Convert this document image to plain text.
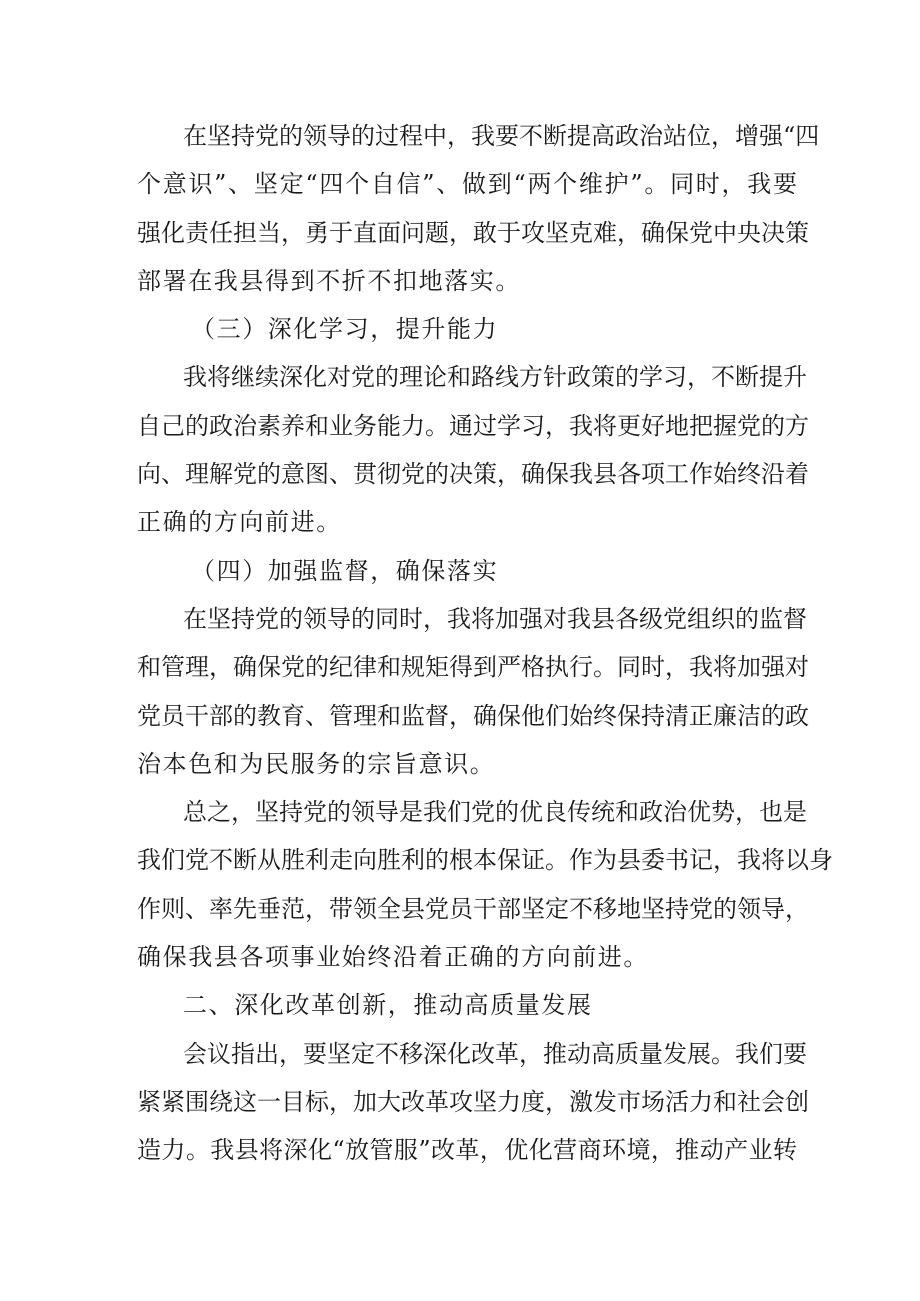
在坚持党的领导的过程中，我要不断提高政治站位，增强“四
个意识”、坚定“四个自信”、做到“两个维护”。同时，我要
强化责任担当，勇于直面问题，敢于攻坚克难，确保党中央决策
部署在我县得到不折不扣地落实。
（三）深化学习，提升能力
我将继续深化对党的理论和路线方针政策的学习，不断提升
自己的政治素养和业务能力。通过学习，我将更好地把握党的方
向、理解党的意图、贯彻党的决策，确保我县各项工作始终沿着
正确的方向前进。
（四）加强监督，确保落实
在坚持党的领导的同时，我将加强对我县各级党组织的监督
和管理，确保党的纪律和规矩得到严格执行。同时，我将加强对
党员干部的教育、管理和监督，确保他们始终保持清正廉洁的政
治本色和为民服务的宗旨意识。
总之，坚持党的领导是我们党的优良传统和政治优势，也是
我们党不断从胜利走向胜利的根本保证。作为县委书记，我将以身
作则、率先垂范，带领全县党员干部坚定不移地坚持党的领导，
确保我县各项事业始终沿着正确的方向前进。
二、深化改革创新，推动高质量发展
会议指出，要坚定不移深化改革，推动高质量发展。我们要
紧紧围绕这一目标，加大改革攻坚力度，激发市场活力和社会创
造力。我县将深化“放管服”改革，优化营商环境，推动产业转
